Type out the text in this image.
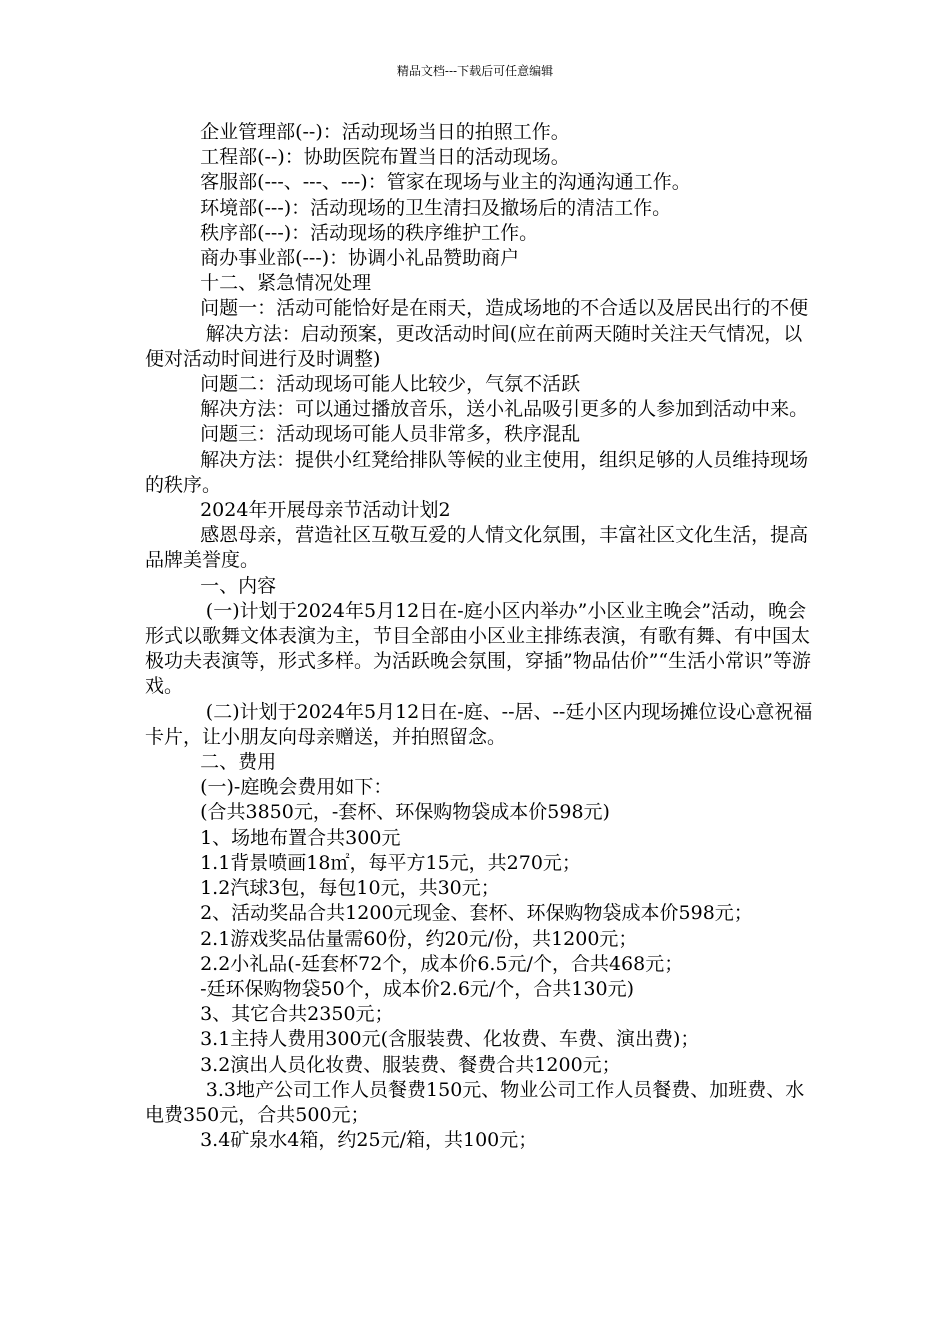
精品文档---下载后可任意编辑

企业管理部(--)：活动现场当日的拍照工作。

工程部(--)：协助医院布置当日的活动现场。

客服部(---、---、---)：管家在现场与业主的沟通沟通工作。

环境部(---)：活动现场的卫生清扫及撤场后的清洁工作。

秩序部(---)：活动现场的秩序维护工作。

商办事业部(---)：协调小礼品赞助商户

十二、紧急情况处理

问题一：活动可能恰好是在雨天，造成场地的不合适以及居民出行的不便

解决方法：启动预案，更改活动时间(应在前两天随时关注天气情况，以便对活动时间进行及时调整)

问题二：活动现场可能人比较少，气氛不活跃

解决方法：可以通过播放音乐，送小礼品吸引更多的人参加到活动中来。

问题三：活动现场可能人员非常多，秩序混乱

解决方法：提供小红凳给排队等候的业主使用，组织足够的人员维持现场的秩序。

2024年开展母亲节活动计划2

感恩母亲，营造社区互敬互爱的人情文化氛围，丰富社区文化生活，提高品牌美誉度。

一、内容

(一)计划于2024年5月12日在-庭小区内举办”小区业主晚会”活动，晚会形式以歌舞文体表演为主，节目全部由小区业主排练表演，有歌有舞、有中国太极功夫表演等，形式多样。为活跃晚会氛围，穿插”物品估价”“生活小常识”等游戏。

(二)计划于2024年5月12日在-庭、--居、--廷小区内现场摊位设心意祝福卡片，让小朋友向母亲赠送，并拍照留念。

二、费用

(一)-庭晚会费用如下：

(合共3850元，-套杯、环保购物袋成本价598元)

1、场地布置合共300元

1.1背景喷画18㎡，每平方15元，共270元；

1.2汽球3包，每包10元，共30元；

2、活动奖品合共1200元现金、套杯、环保购物袋成本价598元；

2.1游戏奖品估量需60份，约20元/份，共1200元；

2.2小礼品(-廷套杯72个，成本价6.5元/个，合共468元；

-廷环保购物袋50个，成本价2.6元/个，合共130元)

3、其它合共2350元；

3.1主持人费用300元(含服装费、化妆费、车费、演出费)；

3.2演出人员化妆费、服装费、餐费合共1200元；

3.3地产公司工作人员餐费150元、物业公司工作人员餐费、加班费、水电费350元，合共500元；

3.4矿泉水4箱，约25元/箱，共100元；
